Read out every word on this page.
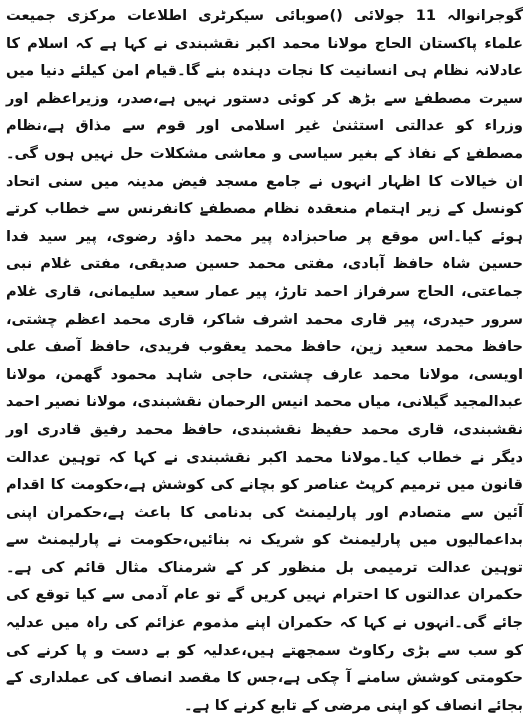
گوجرانوالہ 11 جولائی ()صوبائی سیکرٹری اطلاعات مرکزی جمیعت علماء پاکستان الحاج مولانا محمد اکبر نقشبندی نے کہا ہے کہ اسلام کا عادلانہ نظام ہی انسانیت کا نجات دہندہ بنے گا۔قیام امن کیلئے دنیا میں سیرت مصطفےٰ سے بڑھ کر کوئی دستور نہیں ہے،صدر، وزیراعظم اور وزراء کو عدالتی استثنیٰ غیر اسلامی اور قوم سے مذاق ہے،نظام مصطفےٰ کے نفاذ کے بغیر سیاسی و معاشی مشکلات حل نہیں ہوں گی۔ان خیالات کا اظہار انہوں نے جامع مسجد فیض مدینہ میں سنی اتحاد کونسل کے زیر اہتمام منعقدہ نظام مصطفےٰ کانفرنس سے خطاب کرتے ہوئے کیا۔اس موقع پر صاحبزادہ پیر محمد داؤد رضوی، پیر سید فدا حسین شاہ حافظ آبادی، مفتی محمد حسین صدیقی، مفتی غلام نبی جماعتی، الحاج سرفراز احمد تارڑ، پیر عمار سعید سلیمانی، قاری غلام سرور حیدری، پیر قاری محمد اشرف شاکر، قاری محمد اعظم چشتی، حافظ محمد سعید زین، حافظ محمد یعقوب فریدی، حافظ آصف علی اویسی، مولانا محمد عارف چشتی، حاجی شاہد محمود گھمن، مولانا عبدالمجید گیلانی، میاں محمد انیس الرحمان نقشبندی، مولانا نصیر احمد نقشبندی، قاری محمد حفیظ نقشبندی، حافظ محمد رفیق قادری اور دیگر نے خطاب کیا۔مولانا محمد اکبر نقشبندی نے کہا کہ توہین عدالت قانون میں ترمیم کرپٹ عناصر کو بچانے کی کوشش ہے،حکومت کا اقدام آئین سے متصادم اور پارلیمنٹ کی بدنامی کا باعث ہے،حکمران اپنی بداعمالیوں میں پارلیمنٹ کو شریک نہ بنائیں،حکومت نے پارلیمنٹ سے توہین عدالت ترمیمی بل منظور کر کے شرمناک مثال قائم کی ہے۔حکمران عدالتوں کا احترام نہیں کریں گے تو عام آدمی سے کیا توقع کی جائے گی۔انہوں نے کہا کہ حکمران اپنے مذموم عزائم کی راہ میں عدلیہ کو سب سے بڑی رکاوٹ سمجھتے ہیں،عدلیہ کو بے دست و پا کرنے کی حکومتی کوشش سامنے آ چکی ہے،جس کا مقصد انصاف کی عملداری کے بجائے انصاف کو اپنی مرضی کے تابع کرنے کا ہے۔
